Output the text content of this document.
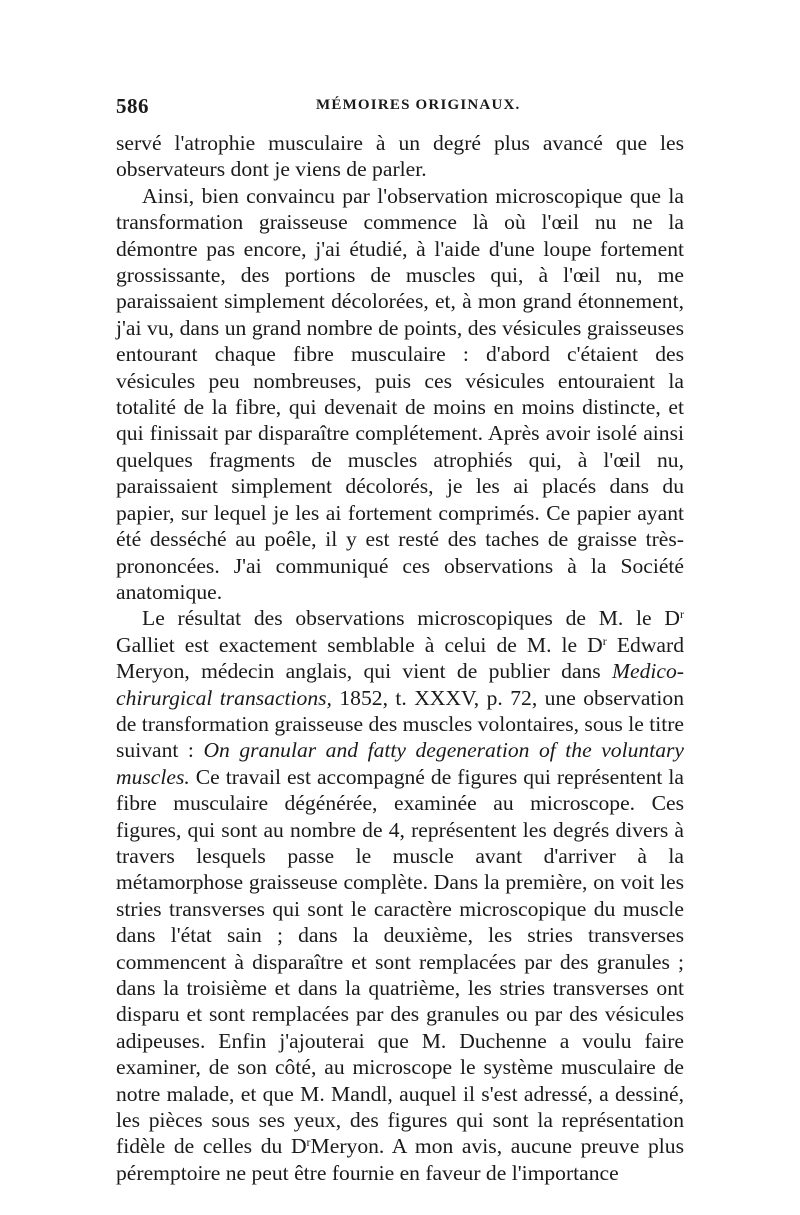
586	MÉMOIRES ORIGINAUX.

servé l'atrophie musculaire à un degré plus avancé que les observateurs dont je viens de parler.

Ainsi, bien convaincu par l'observation microscopique que la transformation graisseuse commence là où l'œil nu ne la démontre pas encore, j'ai étudié, à l'aide d'une loupe fortement grossissante, des portions de muscles qui, à l'œil nu, me paraissaient simplement décolorées, et, à mon grand étonnement, j'ai vu, dans un grand nombre de points, des vésicules graisseuses entourant chaque fibre musculaire : d'abord c'étaient des vésicules peu nombreuses, puis ces vésicules entouraient la totalité de la fibre, qui devenait de moins en moins distincte, et qui finissait par disparaître complétement. Après avoir isolé ainsi quelques fragments de muscles atrophiés qui, à l'œil nu, paraissaient simplement décolorés, je les ai placés dans du papier, sur lequel je les ai fortement comprimés. Ce papier ayant été desséché au poêle, il y est resté des taches de graisse très-prononcées. J'ai communiqué ces observations à la Société anatomique.

Le résultat des observations microscopiques de M. le $D^r$ Galliet est exactement semblable à celui de M. le $D^r$ Edward Meryon, médecin anglais, qui vient de publier dans Medico-chirurgical transactions, 1852, t. XXXV, p. 72, une observation de transformation graisseuse des muscles volontaires, sous le titre suivant : On granular and fatty degeneration of the voluntary muscles. Ce travail est accompagné de figures qui représentent la fibre musculaire dégénérée, examinée au microscope. Ces figures, qui sont au nombre de 4, représentent les degrés divers à travers lesquels passe le muscle avant d'arriver à la métamorphose graisseuse complète. Dans la première, on voit les stries transverses qui sont le caractère microscopique du muscle dans l'état sain ; dans la deuxième, les stries transverses commencent à disparaître et sont remplacées par des granules ; dans la troisième et dans la quatrième, les stries transverses ont disparu et sont remplacées par des granules ou par des vésicules adipeuses. Enfin j'ajouterai que M. Duchenne a voulu faire examiner, de son côté, au microscope le système musculaire de notre malade, et que M. Mandl, auquel il s'est adressé, a dessiné, les pièces sous ses yeux, des figures qui sont la représentation fidèle de celles du $D^rMeryon$. A mon avis, aucune preuve plus péremptoire ne peut être fournie en faveur de l'importance
